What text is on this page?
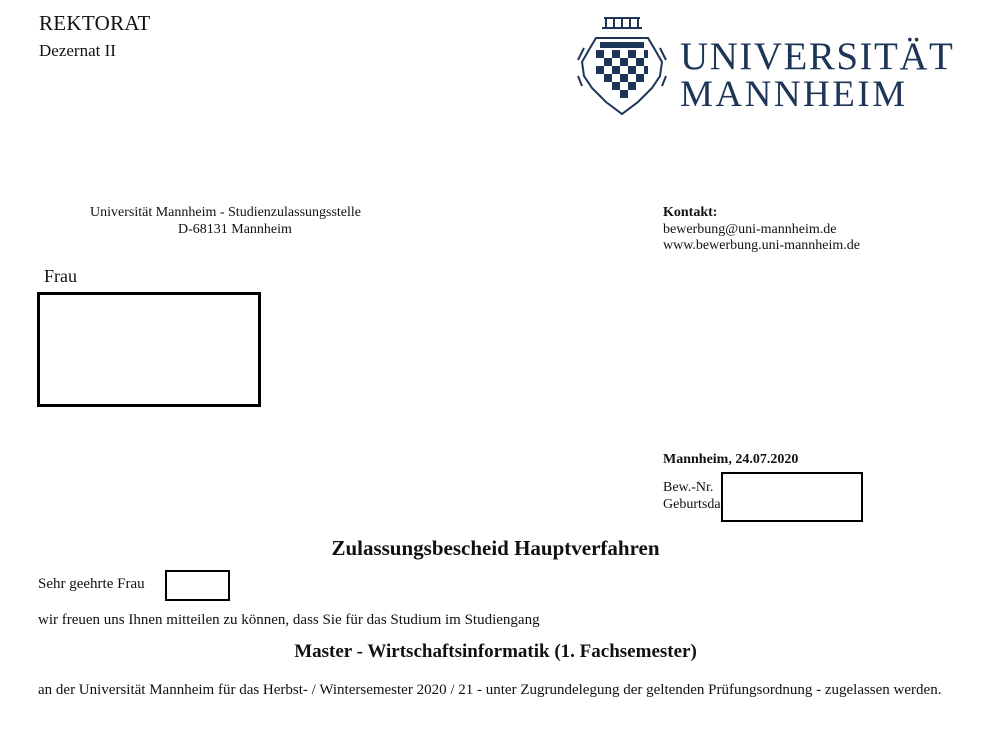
REKTORAT
Dezernat II	UNIVERSITÄT
MANNHEIM
Universität Mannheim - Studienzulassungsstelle
D-68131 Mannheim
Kontakt:
bewerbung@uni-mannheim.de
www.bewerbung.uni-mannheim.de
Frau
Mannheim, 24.07.2020
Bew.-Nr.
Geburtsda
Zulassungsbescheid Hauptverfahren
Sehr geehrte Frau
wir freuen uns Ihnen mitteilen zu können, dass Sie für das Studium im Studiengang
Master - Wirtschaftsinformatik (1. Fachsemester)
an der Universität Mannheim für das Herbst- / Wintersemester 2020 / 21 - unter Zugrundelegung der geltenden Prüfungsordnung - zugelassen werden.
